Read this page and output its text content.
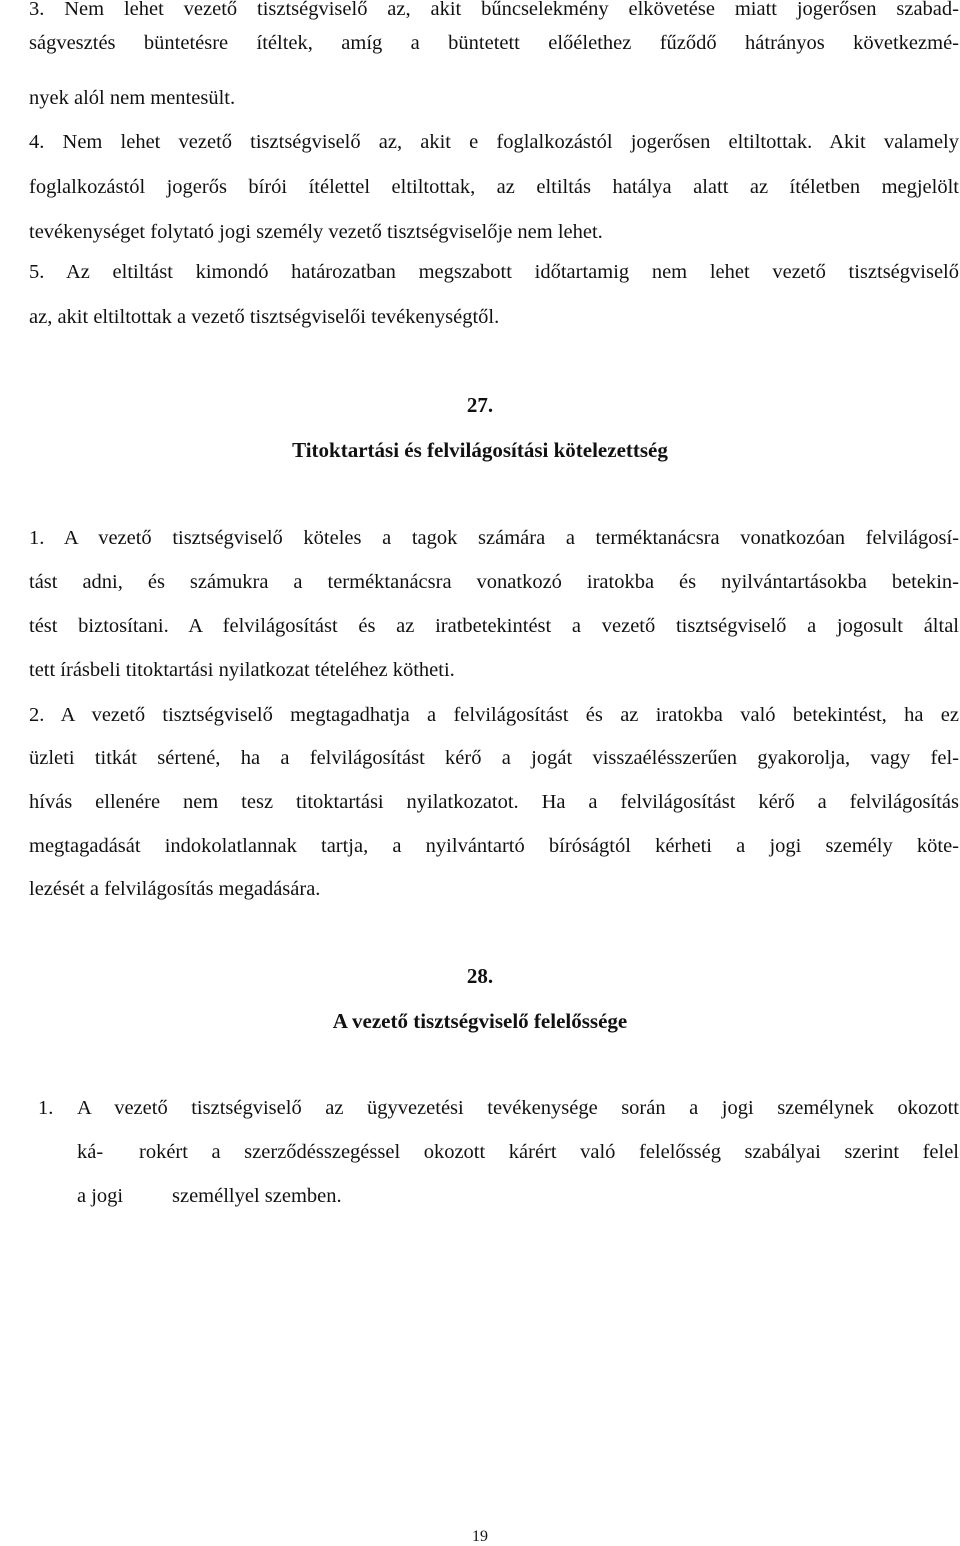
3. Nem lehet vezető tisztségviselő az, akit bűncselekmény elkövetése miatt jogerősen szabad-
ságvesztés büntetésre ítéltek, amíg a büntetett előélethez fűződő hátrányos következmé-
nyek alól nem mentesült.
4. Nem lehet vezető tisztségviselő az, akit e foglalkozástól jogerősen eltiltottak. Akit valamely
foglalkozástól jogerős bírói ítélettel eltiltottak, az eltiltás hatálya alatt az ítéletben megjelölt
tevékenységet folytató jogi személy vezető tisztségviselője nem lehet.
5. Az eltiltást kimondó határozatban megszabott időtartamig nem lehet vezető tisztségviselő
az, akit eltiltottak a vezető tisztségviselői tevékenységtől.
27.
Titoktartási és felvilágosítási kötelezettség
1. A vezető tisztségviselő köteles a tagok számára a terméktanácsra vonatkozóan felvilágosí-
tást adni, és számukra a terméktanácsra vonatkozó iratokba és nyilvántartásokba betekin-
tést biztosítani. A felvilágosítást és az iratbetekintést a vezető tisztségviselő a jogosult által
tett írásbeli titoktartási nyilatkozat tételéhez kötheti.
2. A vezető tisztségviselő megtagadhatja a felvilágosítást és az iratokba való betekintést, ha ez
üzleti titkát sértené, ha a felvilágosítást kérő a jogát visszaélésszerűen gyakorolja, vagy fel-
hívás ellenére nem tesz titoktartási nyilatkozatot. Ha a felvilágosítást kérő a felvilágosítás
megtagadását indokolatlannak tartja, a nyilvántartó bíróságtól kérheti a jogi személy köte-
lezését a felvilágosítás megadására.
28.
A vezető tisztségviselő felelőssége
1. A vezető tisztségviselő az ügyvezetési tevékenysége során a jogi személynek okozott
ká- rokért a szerződésszegéssel okozott kárért való felelősség szabályai szerint felel
a jogi személlyel szemben.
19
